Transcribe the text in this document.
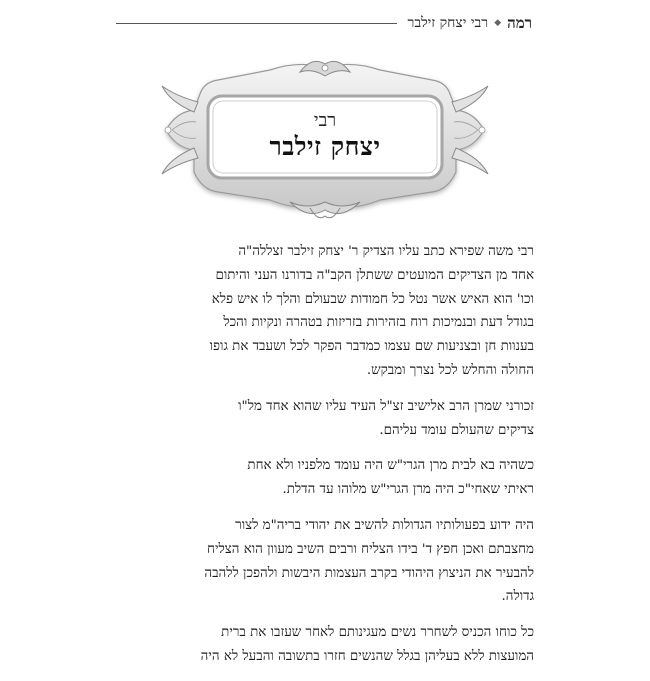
רמה
◆
רבי יצחק זילבר
רבי
יצחק זילבר

רבי משה שפירא כתב עליו הצדיק ר' יצחק זילבר זצללה"ה
אחד מן הצדיקים המועטים ששתלן הקב"ה בדורנו העני והיתום
וכו' הוא האיש אשר נטל כל חמודות שבעולם והלך לו איש פלא
בגודל דעת ובנמיכות רוח בזהירות בזריזות בטהרה ונקיות והכל
בענוות חן ובצניעות שם עצמו כמדבר הפקר לכל ושעבד את גופו
החולה והחלש לכל נצרך ומבקש.

זכורני שמרן הרב אלישיב זצ"ל העיד עליו שהוא אחד מל"ו
צדיקים שהעולם עומד עליהם.

כשהיה בא לבית מרן הגרי"ש היה עומד מלפניו ולא אחת
ראיתי שאחי"כ היה מרן הגרי"ש מלוהו עד הדלת.

היה ידוע בפעולותיו הגדולות להשיב את יהודי בריה"מ לצור
מחצבתם ואכן חפץ ד' בידו הצליח ורבים השיב מעוון הוא הצליח
להבעיר את הניצוץ היהודי בקרב העצמות היבשות ולהפכן ללהבה
גדולה.

כל כוחו הכניס לשחרר נשים מעגינותם לאחר שעזבו את ברית
המועצות ללא בעליהן בגלל שהנשים חזרו בתשובה והבעל לא היה
